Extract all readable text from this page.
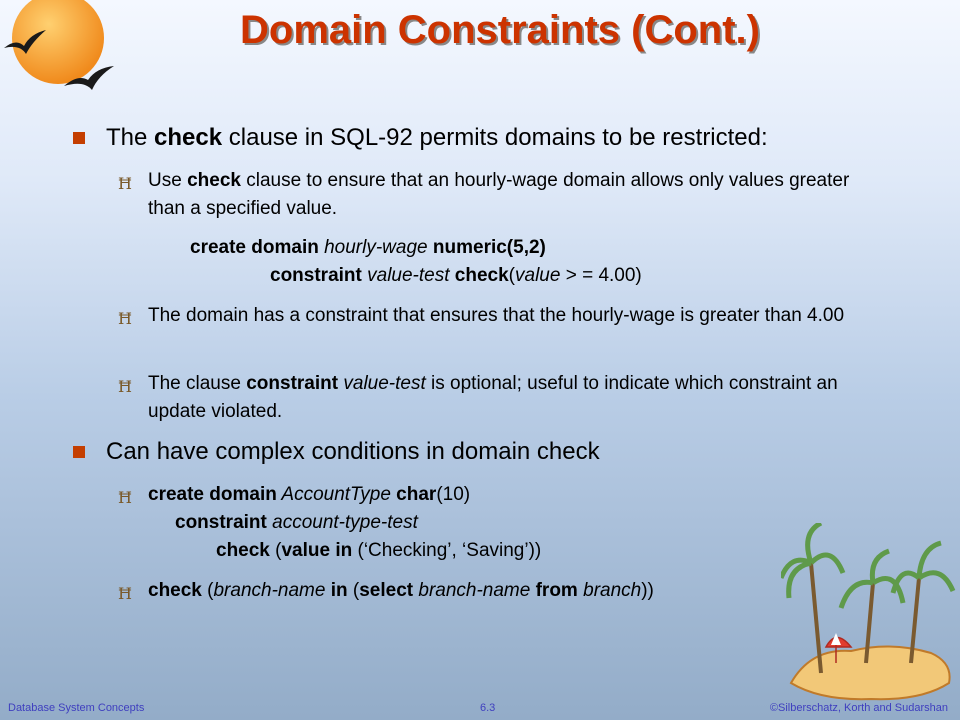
Domain Constraints (Cont.)
The check clause in SQL-92 permits domains to be restricted:
Ħ Use check clause to ensure that an hourly-wage domain allows only values greater than a specified value.
create domain hourly-wage numeric(5,2)
constraint value-test check(value > = 4.00)
Ħ The domain has a constraint that ensures that the hourly-wage is greater than 4.00
Ħ The clause constraint value-test is optional; useful to indicate which constraint an update violated.
Can have complex conditions in domain check
Ħ create domain AccountType char(10)
constraint account-type-test
check (value in (‘Checking’, ‘Saving’))
Ħ check (branch-name in (select branch-name from branch))
Database System Concepts	6.3	©Silberschatz, Korth and Sudarshan
